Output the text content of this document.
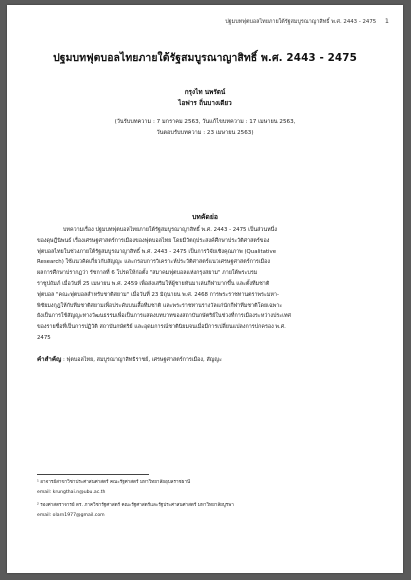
ปฐมบทฟุตบอลไทยภายใต้รัฐสมบูรณาญาสิทธิ์ พ.ศ. 2443 - 2475 1
ปฐมบทฟุตบอลไทยภายใต้รัฐสมบูรณาญาสิทธิ์ พ.ศ. 2443 - 2475
กรุงไท นพรัตน์
ไอฟาร ถิ่นบางเตียว
(วันรับบทความ : 7 มกราคม 2563, วันแก้ไขบทความ : 17 เมษายน 2563,
วันตอบรับบทความ : 23 เมษายน 2563)
บทคัดย่อ
บทความเรื่อง ปฐมบทฟุตบอลไทยภายใต้รัฐสมบูรณาญาสิทธิ์ พ.ศ. 2443 - 2475 เป็นส่วนหนึ่ง
ของดุษฎีนิพนธ์ เรื่องเศรษฐศาสตร์การเมืองของฟุตบอลไทย โดยมีวัตถุประสงค์ศึกษาประวัติศาสตร์ของ
ฟุตบอลไทยในช่วงภายใต้รัฐสมบูรณาญาสิทธิ์ พ.ศ. 2443 - 2475 เป็นการวิจัยเชิงคุณภาพ (Qualitative
Research) ใช้แนวคิดเกี่ยวกับสัญญะ และกรอบการวิเคราะห์ประวัติศาสตร์แนวเศรษฐศาสตร์การเมือง
ผลการศึกษาปรากฏว่า รัชกาลที่ 6 โปรดให้ก่อตั้ง "สมาคมฟุตบอลแห่งกรุงสยาม" ภายใต้พระบรม
ราชูปถัมภ์ เมื่อวันที่ 25 เมษายน พ.ศ. 2459 เพื่อส่งเสริมให้ผู้ชายหันมาเล่นกีฬามากขึ้น และตั้งทีมชาติ
ฟุตบอล "คณะฟุตบอลสำหรับชาติสยาม" เมื่อวันที่ 23 มิถุนายน พ.ศ. 2468 การพระราชทานตราพระมหา-
พิชัยมงกุฎให้กับทีมชาติสยามเพื่อประดับบนเสื้อทีมชาติ และพระราชทานรางวัลแก่นักกีฬาทีมชาติโดยเฉพาะ
ยังเป็นการใช้สัญญะทางวัฒนธรรมเพื่อเป็นการแสดงบทบาทของสถาบันกษัตริย์ในช่วงที่การเมืองระหว่างประเทศ
ของรายชื่อที่เป็นการปฏิวัติ สถาบันกษัตริย์ และอุดมการณ์ชาตินิยมจนเมื่อมีการเปลี่ยนแปลงการปกครอง พ.ศ.
2475
คำสำคัญ : ฟุตบอลไทย, สมบูรณาญาสิทธิราชย์, เศรษฐศาสตร์การเมือง, สัญญะ
¹ อาจารย์สาขาวิชาประศาสนศาสตร์ คณะรัฐศาสตร์ มหาวิทยาลัยอุบลราชธานี
email: krungthai.n@ubu.ac.th
² รองศาสตราจารย์ ดร. ภาควิชารัฐศาสตร์ คณะรัฐศาสตร์และรัฐประศาสนศาสตร์ มหาวิทยาลัยบูรพา
email: olarn1977@gmail.com
